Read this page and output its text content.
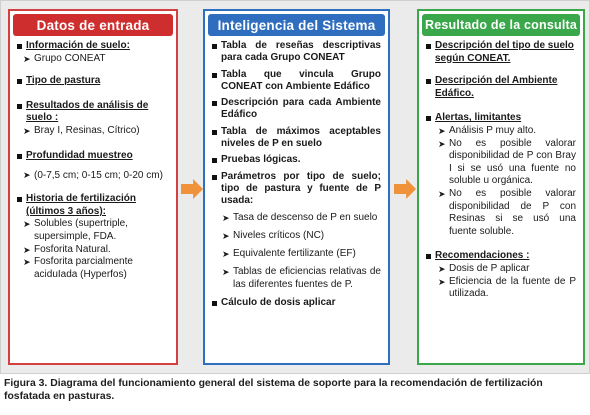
Datos de entrada
Información de suelo:
➤ Grupo CONEAT
Tipo de pastura
Resultados de análisis de suelo :
➤ Bray I, Resinas, Cítrico)
Profundidad muestreo
➤ (0-7,5 cm; 0-15 cm; 0-20 cm)
Historia de fertilización (últimos 3 años):
➤ Solubles (supertriple, supersimple, FDA.
➤ Fosforita Natural.
➤ Fosforita parcialmente aciduIada (Hyperfos)
Inteligencia del Sistema
Tabla de reseñas descriptivas para cada Grupo CONEAT
Tabla que vincula Grupo CONEAT con Ambiente Edáfico
Descripción para cada Ambiente Edáfico
Tabla de máximos aceptables niveles de P en suelo
Pruebas lógicas.
Parámetros por tipo de suelo; tipo de pastura y fuente de P usada:
➤ Tasa de descenso de P en suelo
➤ Niveles críticos (NC)
➤ Equivalente fertilizante (EF)
➤ Tablas de eficiencias relativas de las diferentes fuentes de P.
Cálculo de dosis aplicar
Resultado de la consulta
Descripción del tipo de suelo según CONEAT.
Descripción del Ambiente Edáfico.
Alertas, limitantes
➤ Análisis P muy alto.
➤ No es posible valorar disponibilidad de P con Bray I si se usó una fuente no soluble u orgánica.
➤ No es posible valorar disponibilidad de P con Resinas si se usó una fuente soluble.
Recomendaciones :
➤ Dosis de P aplicar
➤ Eficiencia de la fuente de P utilizada.
Figura 3. Diagrama del funcionamiento general del sistema de soporte para la recomendación de fertilización fosfatada en pasturas.
